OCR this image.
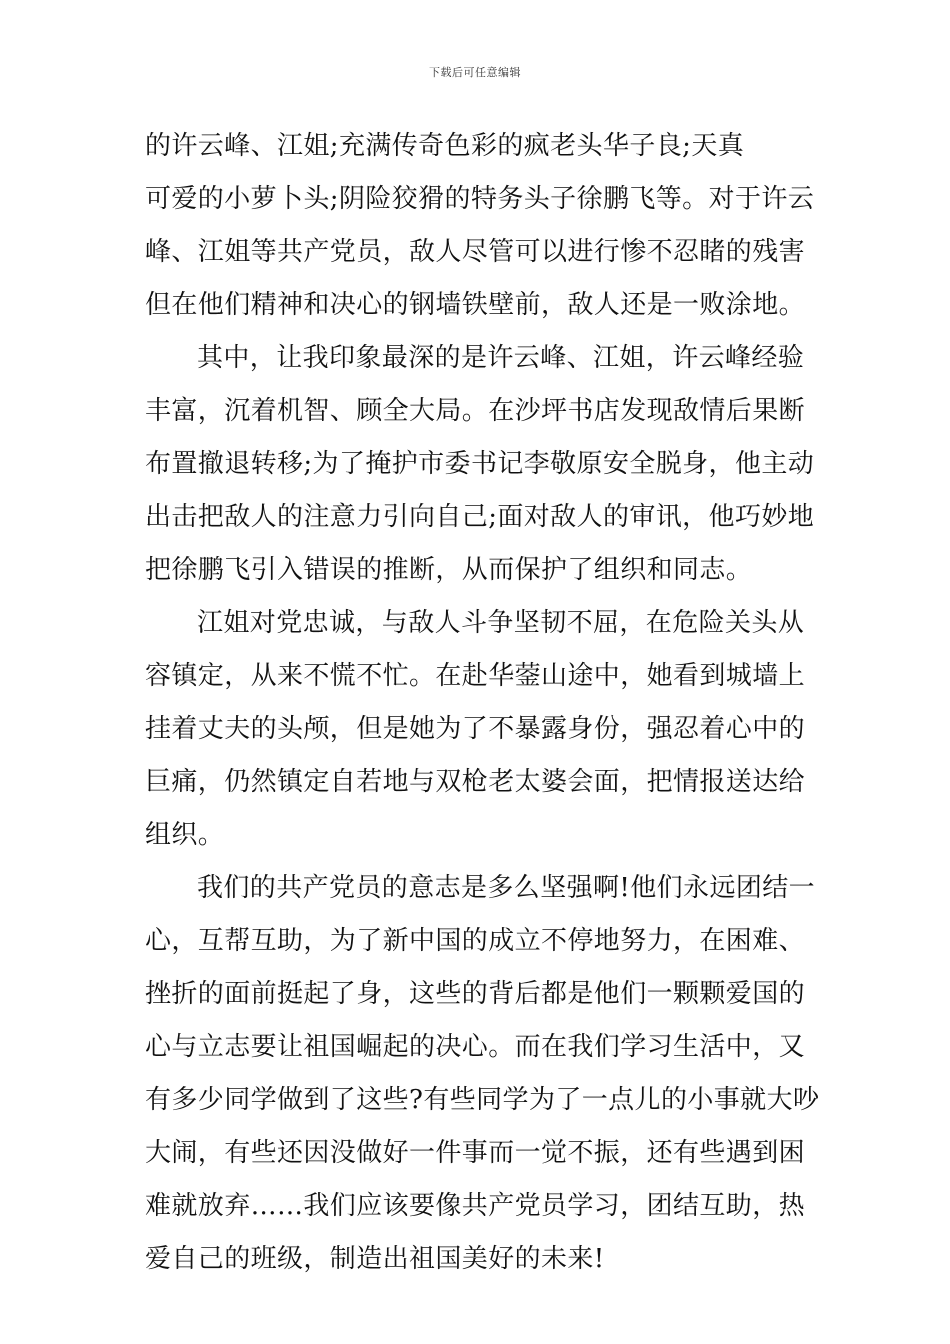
下载后可任意编辑
的许云峰、江姐;充满传奇色彩的疯老头华子良;天真
可爱的小萝卜头;阴险狡猾的特务头子徐鹏飞等。对于许云
峰、江姐等共产党员，敌人尽管可以进行惨不忍睹的残害
但在他们精神和决心的钢墙铁壁前，敌人还是一败涂地。
其中，让我印象最深的是许云峰、江姐，许云峰经验
丰富，沉着机智、顾全大局。在沙坪书店发现敌情后果断
布置撤退转移;为了掩护市委书记李敬原安全脱身，他主动
出击把敌人的注意力引向自己;面对敌人的审讯，他巧妙地
把徐鹏飞引入错误的推断，从而保护了组织和同志。
江姐对党忠诚，与敌人斗争坚韧不屈，在危险关头从
容镇定，从来不慌不忙。在赴华蓥山途中，她看到城墙上
挂着丈夫的头颅，但是她为了不暴露身份，强忍着心中的
巨痛，仍然镇定自若地与双枪老太婆会面，把情报送达给
组织。
我们的共产党员的意志是多么坚强啊!他们永远团结一
心，互帮互助，为了新中国的成立不停地努力，在困难、
挫折的面前挺起了身，这些的背后都是他们一颗颗爱国的
心与立志要让祖国崛起的决心。而在我们学习生活中，又
有多少同学做到了这些?有些同学为了一点儿的小事就大吵
大闹，有些还因没做好一件事而一觉不振，还有些遇到困
难就放弃……我们应该要像共产党员学习，团结互助，热
爱自己的班级，制造出祖国美好的未来!
